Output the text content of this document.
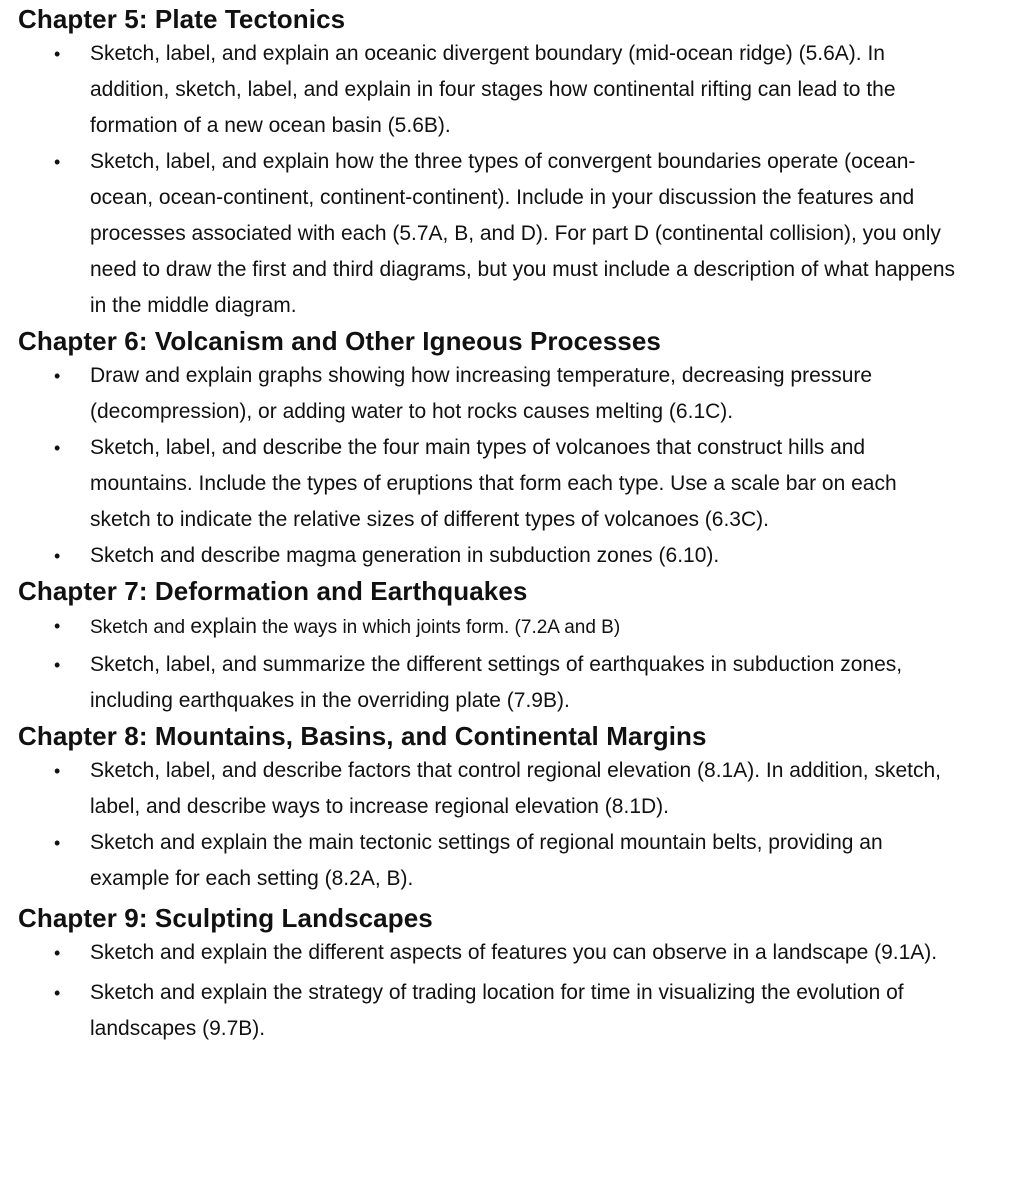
Chapter 5: Plate Tectonics
• Sketch, label, and explain an oceanic divergent boundary (mid-ocean ridge) (5.6A). In addition, sketch, label, and explain in four stages how continental rifting can lead to the formation of a new ocean basin (5.6B).
• Sketch, label, and explain how the three types of convergent boundaries operate (ocean-ocean, ocean-continent, continent-continent). Include in your discussion the features and processes associated with each (5.7A, B, and D). For part D (continental collision), you only need to draw the first and third diagrams, but you must include a description of what happens in the middle diagram.
Chapter 6: Volcanism and Other Igneous Processes
• Draw and explain graphs showing how increasing temperature, decreasing pressure (decompression), or adding water to hot rocks causes melting (6.1C).
• Sketch, label, and describe the four main types of volcanoes that construct hills and mountains. Include the types of eruptions that form each type. Use a scale bar on each sketch to indicate the relative sizes of different types of volcanoes (6.3C).
• Sketch and describe magma generation in subduction zones (6.10).
Chapter 7: Deformation and Earthquakes
• Sketch and explain the ways in which joints form. (7.2A and B)
• Sketch, label, and summarize the different settings of earthquakes in subduction zones, including earthquakes in the overriding plate (7.9B).
Chapter 8: Mountains, Basins, and Continental Margins
• Sketch, label, and describe factors that control regional elevation (8.1A). In addition, sketch, label, and describe ways to increase regional elevation (8.1D).
• Sketch and explain the main tectonic settings of regional mountain belts, providing an example for each setting (8.2A, B).
Chapter 9: Sculpting Landscapes
• Sketch and explain the different aspects of features you can observe in a landscape (9.1A).
• Sketch and explain the strategy of trading location for time in visualizing the evolution of landscapes (9.7B).
